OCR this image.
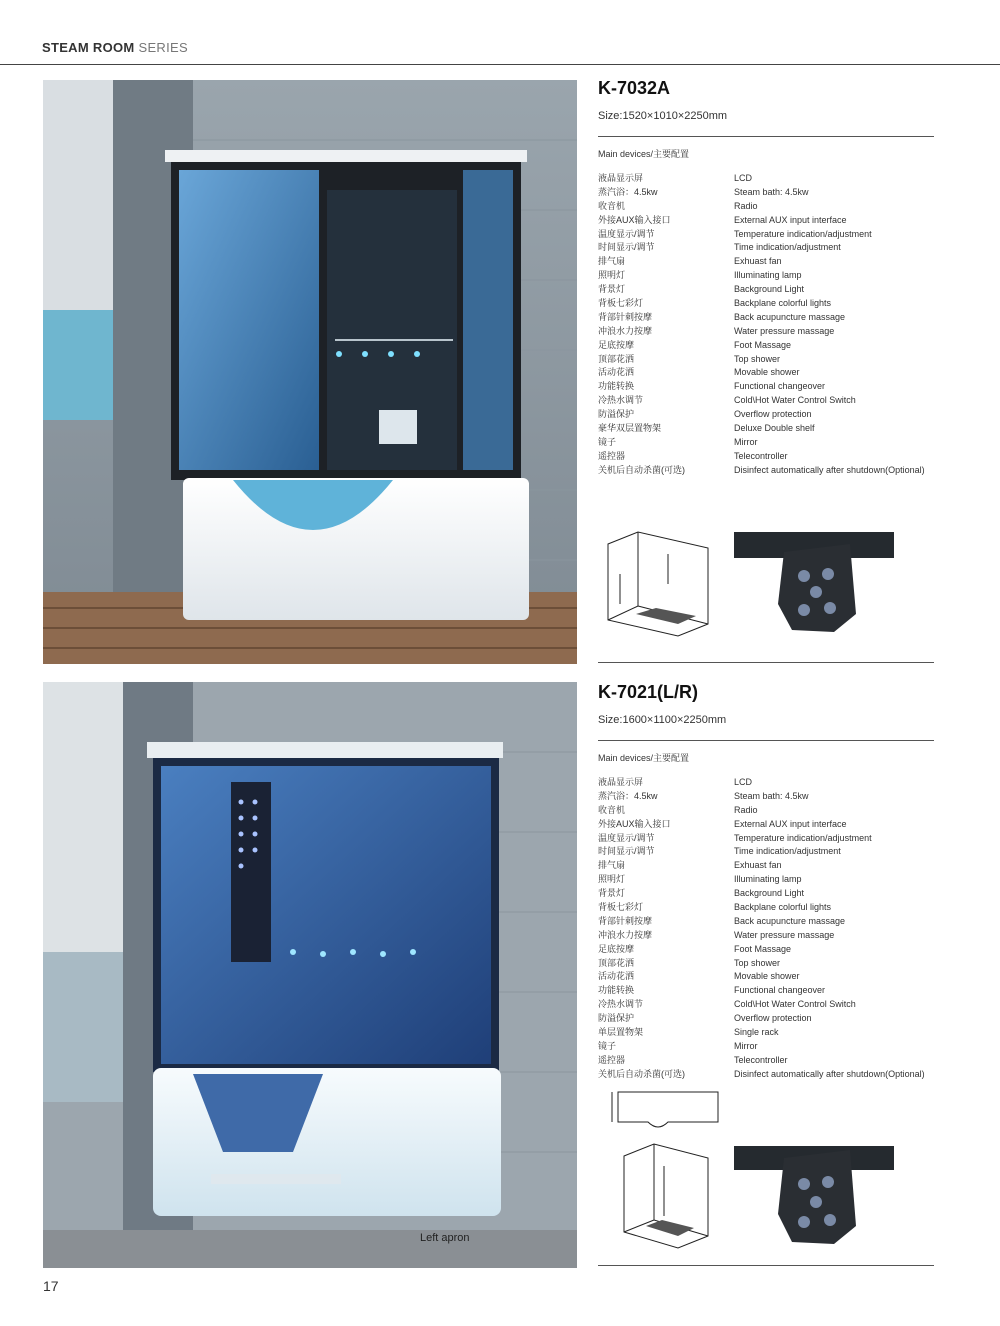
STEAM ROOM SERIES
K-7032A
Size:1520×1010×2250mm
Main devices/主要配置
液晶显示屏	LCD
蒸汽浴：4.5kw	Steam bath: 4.5kw
收音机	Radio
外接AUX输入接口	External AUX input interface
温度显示/调节	Temperature indication/adjustment
时间显示/调节	Time indication/adjustment
排气扇	Exhuast fan
照明灯	Illuminating lamp
背景灯	Background Light
背板七彩灯	Backplane colorful lights
背部针刺按摩	Back acupuncture massage
冲浪水力按摩	Water pressure massage
足底按摩	Foot Massage
顶部花洒	Top shower
活动花洒	Movable shower
功能转换	Functional changeover
冷热水调节	Cold\Hot Water Control Switch
防溢保护	Overflow protection
豪华双层置物架	Deluxe Double shelf
镜子	Mirror
遥控器	Telecontroller
关机后自动杀菌(可选)	Disinfect automatically after shutdown(Optional)
Left apron
K-7021(L/R)
Size:1600×1100×2250mm
Main devices/主要配置
液晶显示屏	LCD
蒸汽浴：4.5kw	Steam bath: 4.5kw
收音机	Radio
外接AUX输入接口	External AUX input interface
温度显示/调节	Temperature indication/adjustment
时间显示/调节	Time indication/adjustment
排气扇	Exhuast fan
照明灯	Illuminating lamp
背景灯	Background Light
背板七彩灯	Backplane colorful lights
背部针刺按摩	Back acupuncture massage
冲浪水力按摩	Water pressure massage
足底按摩	Foot Massage
顶部花洒	Top shower
活动花洒	Movable shower
功能转换	Functional changeover
冷热水调节	Cold\Hot Water Control Switch
防溢保护	Overflow protection
单层置物架	Single rack
镜子	Mirror
遥控器	Telecontroller
关机后自动杀菌(可选)	Disinfect automatically after shutdown(Optional)
17
